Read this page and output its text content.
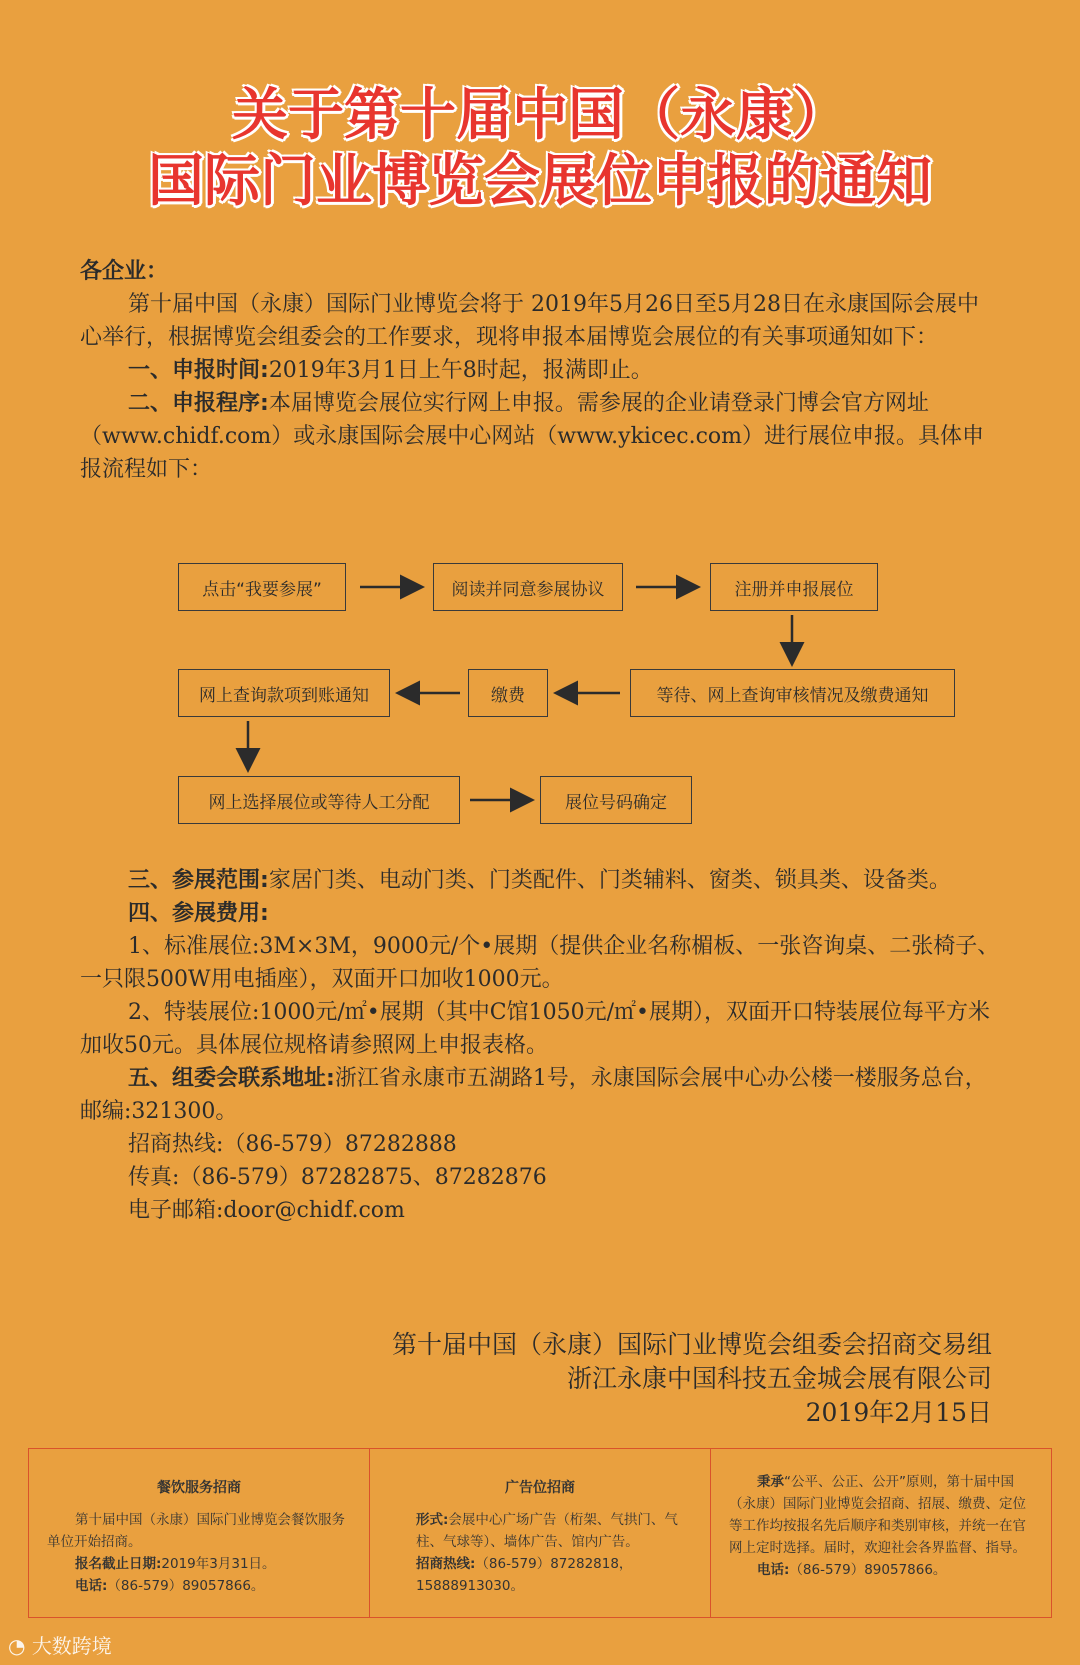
关于第十届中国（永康）
国际门业博览会展位申报的通知

各企业：

第十届中国（永康）国际门业博览会将于 2019年5月26日至5月28日在永康国际会展中心举行，根据博览会组委会的工作要求，现将申报本届博览会展位的有关事项通知如下：

一、申报时间:2019年3月1日上午8时起，报满即止。

二、申报程序:本届博览会展位实行网上申报。需参展的企业请登录门博会官方网址（www.chidf.com）或永康国际会展中心网站（www.ykicec.com）进行展位申报。具体申报流程如下：

点击“我要参展”	阅读并同意参展协议	注册并申报展位
等待、网上查询审核情况及缴费通知
缴费
网上查询款项到账通知
网上选择展位或等待人工分配	展位号码确定

三、参展范围:家居门类、电动门类、门类配件、门类辅料、窗类、锁具类、设备类。

四、参展费用:

1、标准展位:3M×3M，9000元/个•展期（提供企业名称楣板、一张咨询桌、二张椅子、一只限500W用电插座），双面开口加收1000元。

2、特装展位:1000元/㎡•展期（其中C馆1050元/㎡•展期），双面开口特装展位每平方米加收50元。具体展位规格请参照网上申报表格。

五、组委会联系地址:浙江省永康市五湖路1号，永康国际会展中心办公楼一楼服务总台，邮编:321300。

招商热线:（86-579）87282888

传真:（86-579）87282875、87282876

电子邮箱:door@chidf.com

第十届中国（永康）国际门业博览会组委会招商交易组
浙江永康中国科技五金城会展有限公司
2019年2月15日
餐饮服务招商

第十届中国（永康）国际门业博览会餐饮服务单位开始招商。

报名截止日期:2019年3月31日。

电话:（86-579）89057866。

广告位招商

形式:会展中心广场广告（桁架、气拱门、气柱、气球等）、墙体广告、馆内广告。

招商热线:（86-579）87282818，15888913030。

秉承“公平、公正、公开”原则，第十届中国（永康）国际门业博览会招商、招展、缴费、定位等工作均按报名先后顺序和类别审核，并统一在官网上定时选择。届时，欢迎社会各界监督、指导。

电话:（86-579）89057866。

◔ 大数跨境
